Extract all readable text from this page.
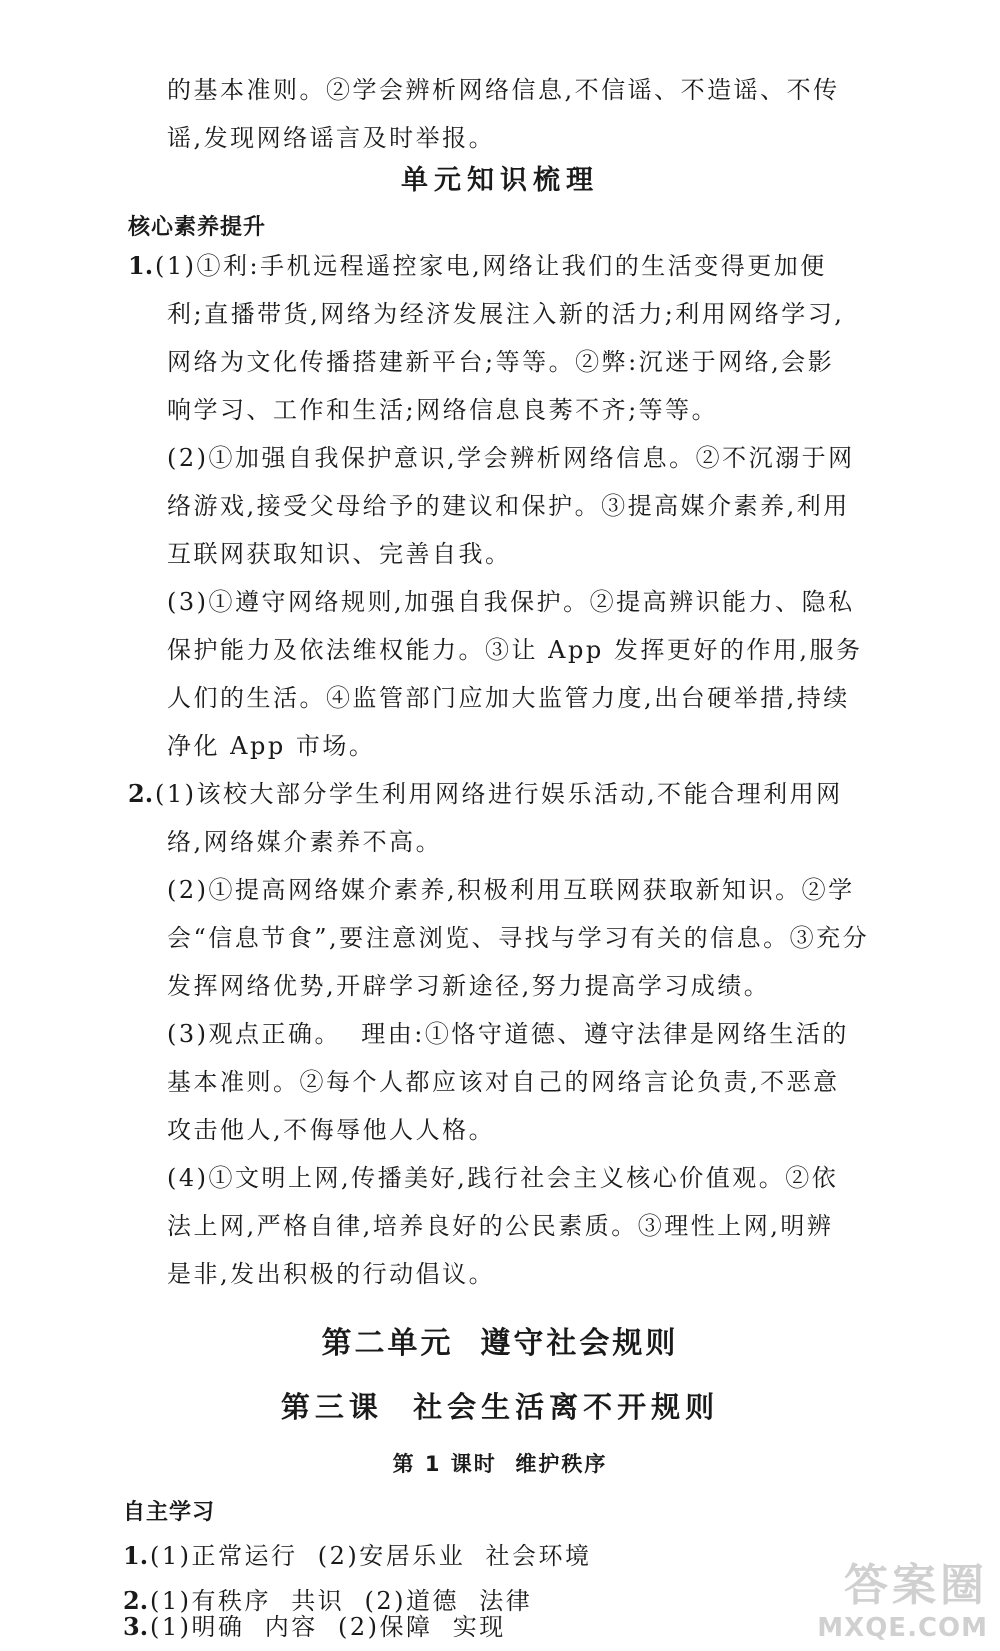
的基本准则。②学会辨析网络信息,不信谣、不造谣、不传
谣,发现网络谣言及时举报。
单元知识梳理
核心素养提升
1.(1)①利:手机远程遥控家电,网络让我们的生活变得更加便
利;直播带货,网络为经济发展注入新的活力;利用网络学习,
网络为文化传播搭建新平台;等等。②弊:沉迷于网络,会影
响学习、工作和生活;网络信息良莠不齐;等等。
(2)①加强自我保护意识,学会辨析网络信息。②不沉溺于网
络游戏,接受父母给予的建议和保护。③提高媒介素养,利用
互联网获取知识、完善自我。
(3)①遵守网络规则,加强自我保护。②提高辨识能力、隐私
保护能力及依法维权能力。③让 App 发挥更好的作用,服务
人们的生活。④监管部门应加大监管力度,出台硬举措,持续
净化 App 市场。
2.(1)该校大部分学生利用网络进行娱乐活动,不能合理利用网
络,网络媒介素养不高。
(2)①提高网络媒介素养,积极利用互联网获取新知识。②学
会“信息节食”,要注意浏览、寻找与学习有关的信息。③充分
发挥网络优势,开辟学习新途径,努力提高学习成绩。
(3)观点正确。  理由:①恪守道德、遵守法律是网络生活的
基本准则。②每个人都应该对自己的网络言论负责,不恶意
攻击他人,不侮辱他人人格。
(4)①文明上网,传播美好,践行社会主义核心价值观。②依
法上网,严格自律,培养良好的公民素质。③理性上网,明辨
是非,发出积极的行动倡议。
第二单元  遵守社会规则
第三课  社会生活离不开规则
第 1 课时  维护秩序
自主学习
1.(1)正常运行  (2)安居乐业  社会环境
2.(1)有秩序  共识  (2)道德  法律
3.(1)明确  内容  (2)保障  实现
答案圈
MXQE.COM
